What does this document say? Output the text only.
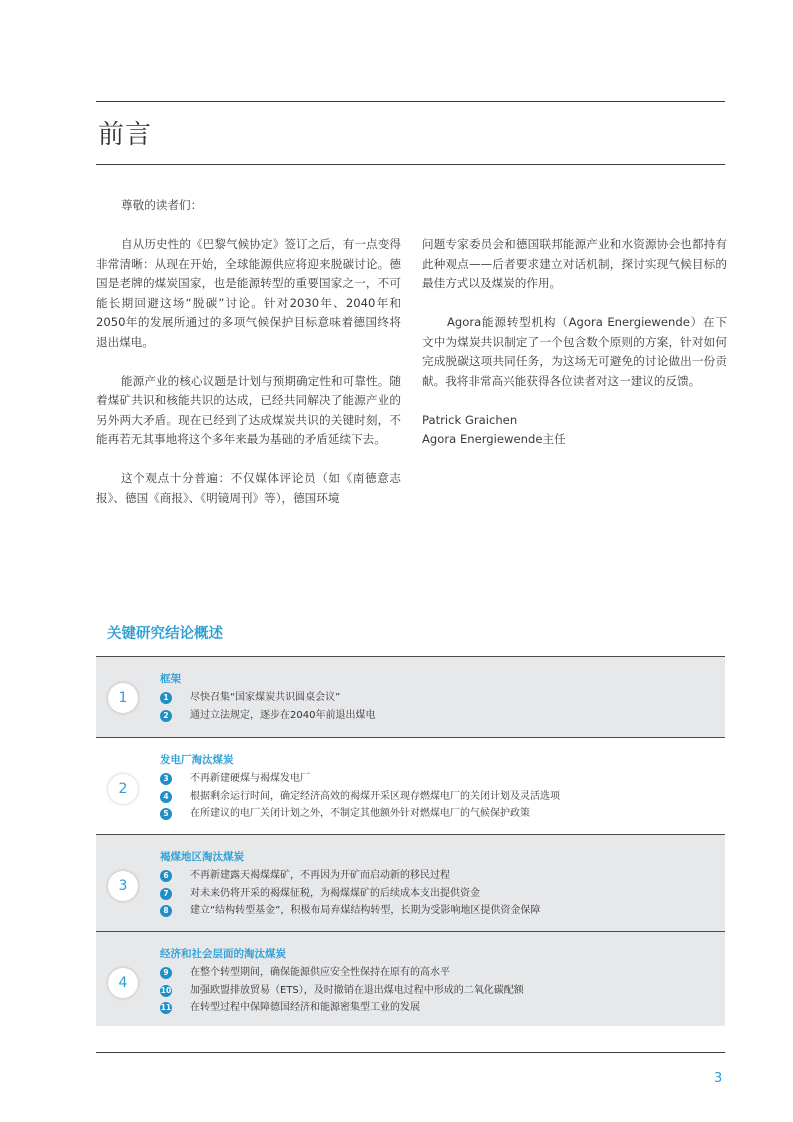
前言

尊敬的读者们：

自从历史性的《巴黎气候协定》签订之后，有一点变得非常清晰：从现在开始，全球能源供应将迎来脱碳讨论。德国是老牌的煤炭国家，也是能源转型的重要国家之一，不可能长期回避这场“脱碳”讨论。针对2030年、2040年和2050年的发展所通过的多项气候保护目标意味着德国终将退出煤电。

能源产业的核心议题是计划与预期确定性和可靠性。随着煤矿共识和核能共识的达成，已经共同解决了能源产业的另外两大矛盾。现在已经到了达成煤炭共识的关键时刻，不能再若无其事地将这个多年来最为基础的矛盾延续下去。

这个观点十分普遍：不仅媒体评论员（如《南德意志报》、德国《商报》、《明镜周刊》等），德国环境

问题专家委员会和德国联邦能源产业和水资源协会也都持有此种观点——后者要求建立对话机制，探讨实现气候目标的最佳方式以及煤炭的作用。

Agora能源转型机构（Agora Energiewende）在下文中为煤炭共识制定了一个包含数个原则的方案，针对如何完成脱碳这项共同任务，为这场无可避免的讨论做出一份贡献。我将非常高兴能获得各位读者对这一建议的反馈。

Patrick Graichen

Agora Energiewende主任

关键研究结论概述
1
框架
1	尽快召集“国家煤炭共识圆桌会议”
2	通过立法规定，逐步在2040年前退出煤电
2
发电厂淘汰煤炭
3	不再新建硬煤与褐煤发电厂
4	根据剩余运行时间，确定经济高效的褐煤开采区现存燃煤电厂的关闭计划及灵活选项
5	在所建议的电厂关闭计划之外，不制定其他额外针对燃煤电厂的气候保护政策
3
褐煤地区淘汰煤炭
6	不再新建露天褐煤煤矿，不再因为开矿而启动新的移民过程
7	对未来仍将开采的褐煤征税，为褐煤煤矿的后续成本支出提供资金
8	建立“结构转型基金”，积极布局弃煤结构转型，长期为受影响地区提供资金保障
4
经济和社会层面的淘汰煤炭
9	在整个转型期间，确保能源供应安全性保持在原有的高水平
10 加强欧盟排放贸易（ETS），及时撤销在退出煤电过程中形成的二氧化碳配额
11 在转型过程中保障德国经济和能源密集型工业的发展
3
